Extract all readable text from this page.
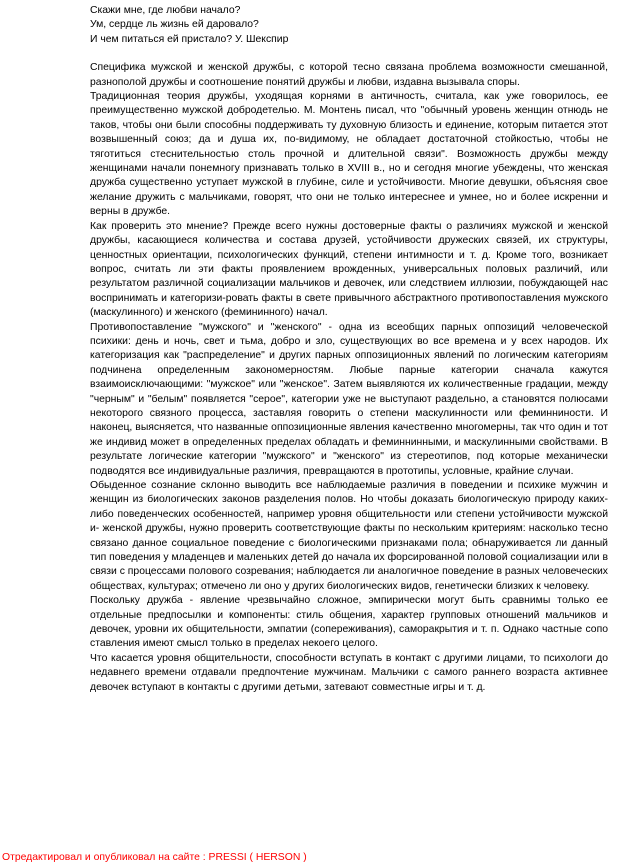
Скажи мне, где любви начало?
Ум, сердце ль жизнь ей даровало?
И чем питаться ей пристало? У. Шекспир

Специфика мужской и женской дружбы, с которой тесно связана проблема возможности смешанной, разнополой дружбы и соотношение понятий дружбы и любви, издавна вызывала споры.

Традиционная теория дружбы, уходящая корнями в античность, считала, как уже говорилось, ее преимущественно мужской добродетелью. М. Монтень писал, что "обычный уровень женщин отнюдь не таков, чтобы они были способны поддерживать ту духовную близость и единение, которым питается этот возвышенный союз; да и душа их, по-видимому, не обладает достаточной стойкостью, чтобы не тяготиться стеснительностью столь прочной и длительной связи". Возможность дружбы между женщинами начали понемногу признавать только в XVIII в., но и сегодня многие убеждены, что женская дружба существенно уступает мужской в глубине, силе и устойчивости. Многие девушки, объясняя свое желание дружить с мальчиками, говорят, что они не только интереснее и умнее, но и более искренни и верны в дружбе.

Как проверить это мнение? Прежде всего нужны достоверные факты о различиях мужской и женской дружбы, касающиеся количества и состава друзей, устойчивости дружеских связей, их структуры, ценностных ориентации, психологических функций, степени интимности и т. д. Кроме того, возникает вопрос, считать ли эти факты проявлением врожденных, универсальных половых различий, или результатом различной социализации мальчиков и девочек, или следствием иллюзии, побуждающей нас воспринимать и категоризи-ровать факты в свете привычного абстрактного противопоставления мужского (маскулинного) и женского (фемининного) начал.

Противопоставление "мужского" и "женского" - одна из всеобщих парных оппозиций человеческой психики: день и ночь, свет и тьма, добро и зло, существующих во все времена и у всех народов. Их категоризация как "распределение" и других парных оппозиционных явлений по логическим категориям подчинена определенным закономерностям. Любые парные категории сначала кажутся взаимоисключающими: "мужское" или "женское". Затем выявляются их количественные градации, между "черным" и "белым" появляется "серое", категории уже не выступают раздельно, а становятся полюсами некоторого связного процесса, заставляя говорить о степени маскулинности или феминниности. И наконец, выясняется, что названные оппозиционные явления качественно многомерны, так что один и тот же индивид может в определенных пределах обладать и феминнинными, и маскулинными свойствами. В результате логические категории "мужского" и "женского" из стереотипов, под которые механически подводятся все индивидуальные различия, превращаются в прототипы, условные, крайние случаи.

Обыденное сознание склонно выводить все наблюдаемые различия в поведении и психике мужчин и женщин из биологических законов разделения полов. Но чтобы доказать биологическую природу каких-либо поведенческих особенностей, например уровня общительности или степени устойчивости мужской и- женской дружбы, нужно проверить соответствующие факты по нескольким критериям: насколько тесно связано данное социальное поведение с биологическими признаками пола; обнаруживается ли данный тип поведения у младенцев и маленьких детей до начала их форсированной половой социализации или в связи с процессами полового созревания; наблюдается ли аналогичное поведение в разных человеческих обществах, культурах; отмечено ли оно у других биологических видов, генетически близких к человеку.

Поскольку дружба - явление чрезвычайно сложное, эмпирически могут быть сравнимы только ее отдельные предпосылки и компоненты: стиль общения, характер групповых отношений мальчиков и девочек, уровни их общительности, эмпатии (сопереживания), саморакрытия и т. п. Однако частные сопо ставления имеют смысл только в пределах некоего целого.

Что касается уровня общительности, способности вступать в контакт с другими лицами, то психологи до недавнего времени отдавали предпочтение мужчинам. Мальчики с самого раннего возраста активнее девочек вступают в контакты с другими детьми, затевают совместные игры и т. д.

Отредактировал и опубликовал на сайте : PRESSI ( HERSON )
